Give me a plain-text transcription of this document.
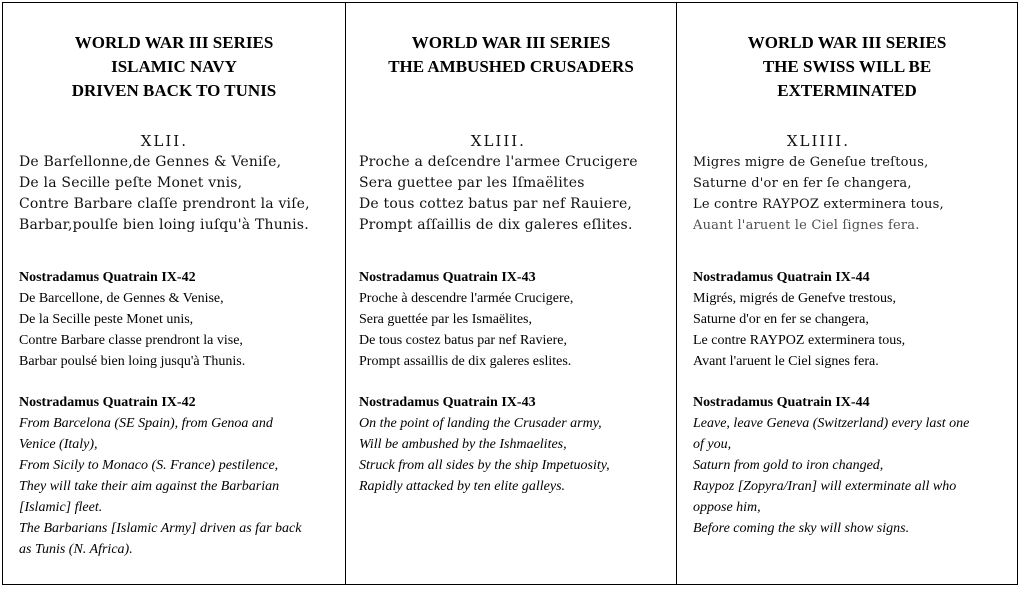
WORLD WAR III SERIES
ISLAMIC NAVY
DRIVEN BACK TO TUNIS
XLII.
De Barſellonne,de Gennes & Veniſe,
De la Secille peſte Monet vnis,
Contre Barbare claſſe prendront la viſe,
Barbar,poulſe bien loing iuſqu'à Thunis.
Nostradamus Quatrain IX-42
De Barcellone, de Gennes & Venise,
De la Secille peste Monet unis,
Contre Barbare classe prendront la vise,
Barbar poulsé bien loing jusqu'à Thunis.
Nostradamus Quatrain IX-42
From Barcelona (SE Spain), from Genoa and
Venice (Italy),
From Sicily to Monaco (S. France) pestilence,
They will take their aim against the Barbarian
[Islamic] fleet.
The Barbarians [Islamic Army] driven as far back
as Tunis (N. Africa).
WORLD WAR III SERIES
THE AMBUSHED CRUSADERS
XLIII.
Proche a deſcendre l'armee Crucigere
Sera guettee par les Iſmaëlites
De tous cottez batus par nef Rauiere,
Prompt aſſaillis de dix galeres eſlites.
Nostradamus Quatrain IX-43
Proche à descendre l'armée Crucigere,
Sera guettée par les Ismaëlites,
De tous costez batus par nef Raviere,
Prompt assaillis de dix galeres eslites.
Nostradamus Quatrain IX-43
On the point of landing the Crusader army,
Will be ambushed by the Ishmaelites,
Struck from all sides by the ship Impetuosity,
Rapidly attacked by ten elite galleys.
WORLD WAR III SERIES
THE SWISS WILL BE
EXTERMINATED
XLIIII.
Migres migre de Geneſue treſtous,
Saturne d'or en fer ſe changera,
Le contre RAYPOZ exterminera tous,
Auant l'aruent le Ciel ſignes fera.
Nostradamus Quatrain IX-44
Migrés, migrés de Genefve trestous,
Saturne d'or en fer se changera,
Le contre RAYPOZ exterminera tous,
Avant l'aruent le Ciel signes fera.
Nostradamus Quatrain IX-44
Leave, leave Geneva (Switzerland) every last one
of you,
Saturn from gold to iron changed,
Raypoz [Zopyra/Iran] will exterminate all who
oppose him,
Before coming the sky will show signs.
